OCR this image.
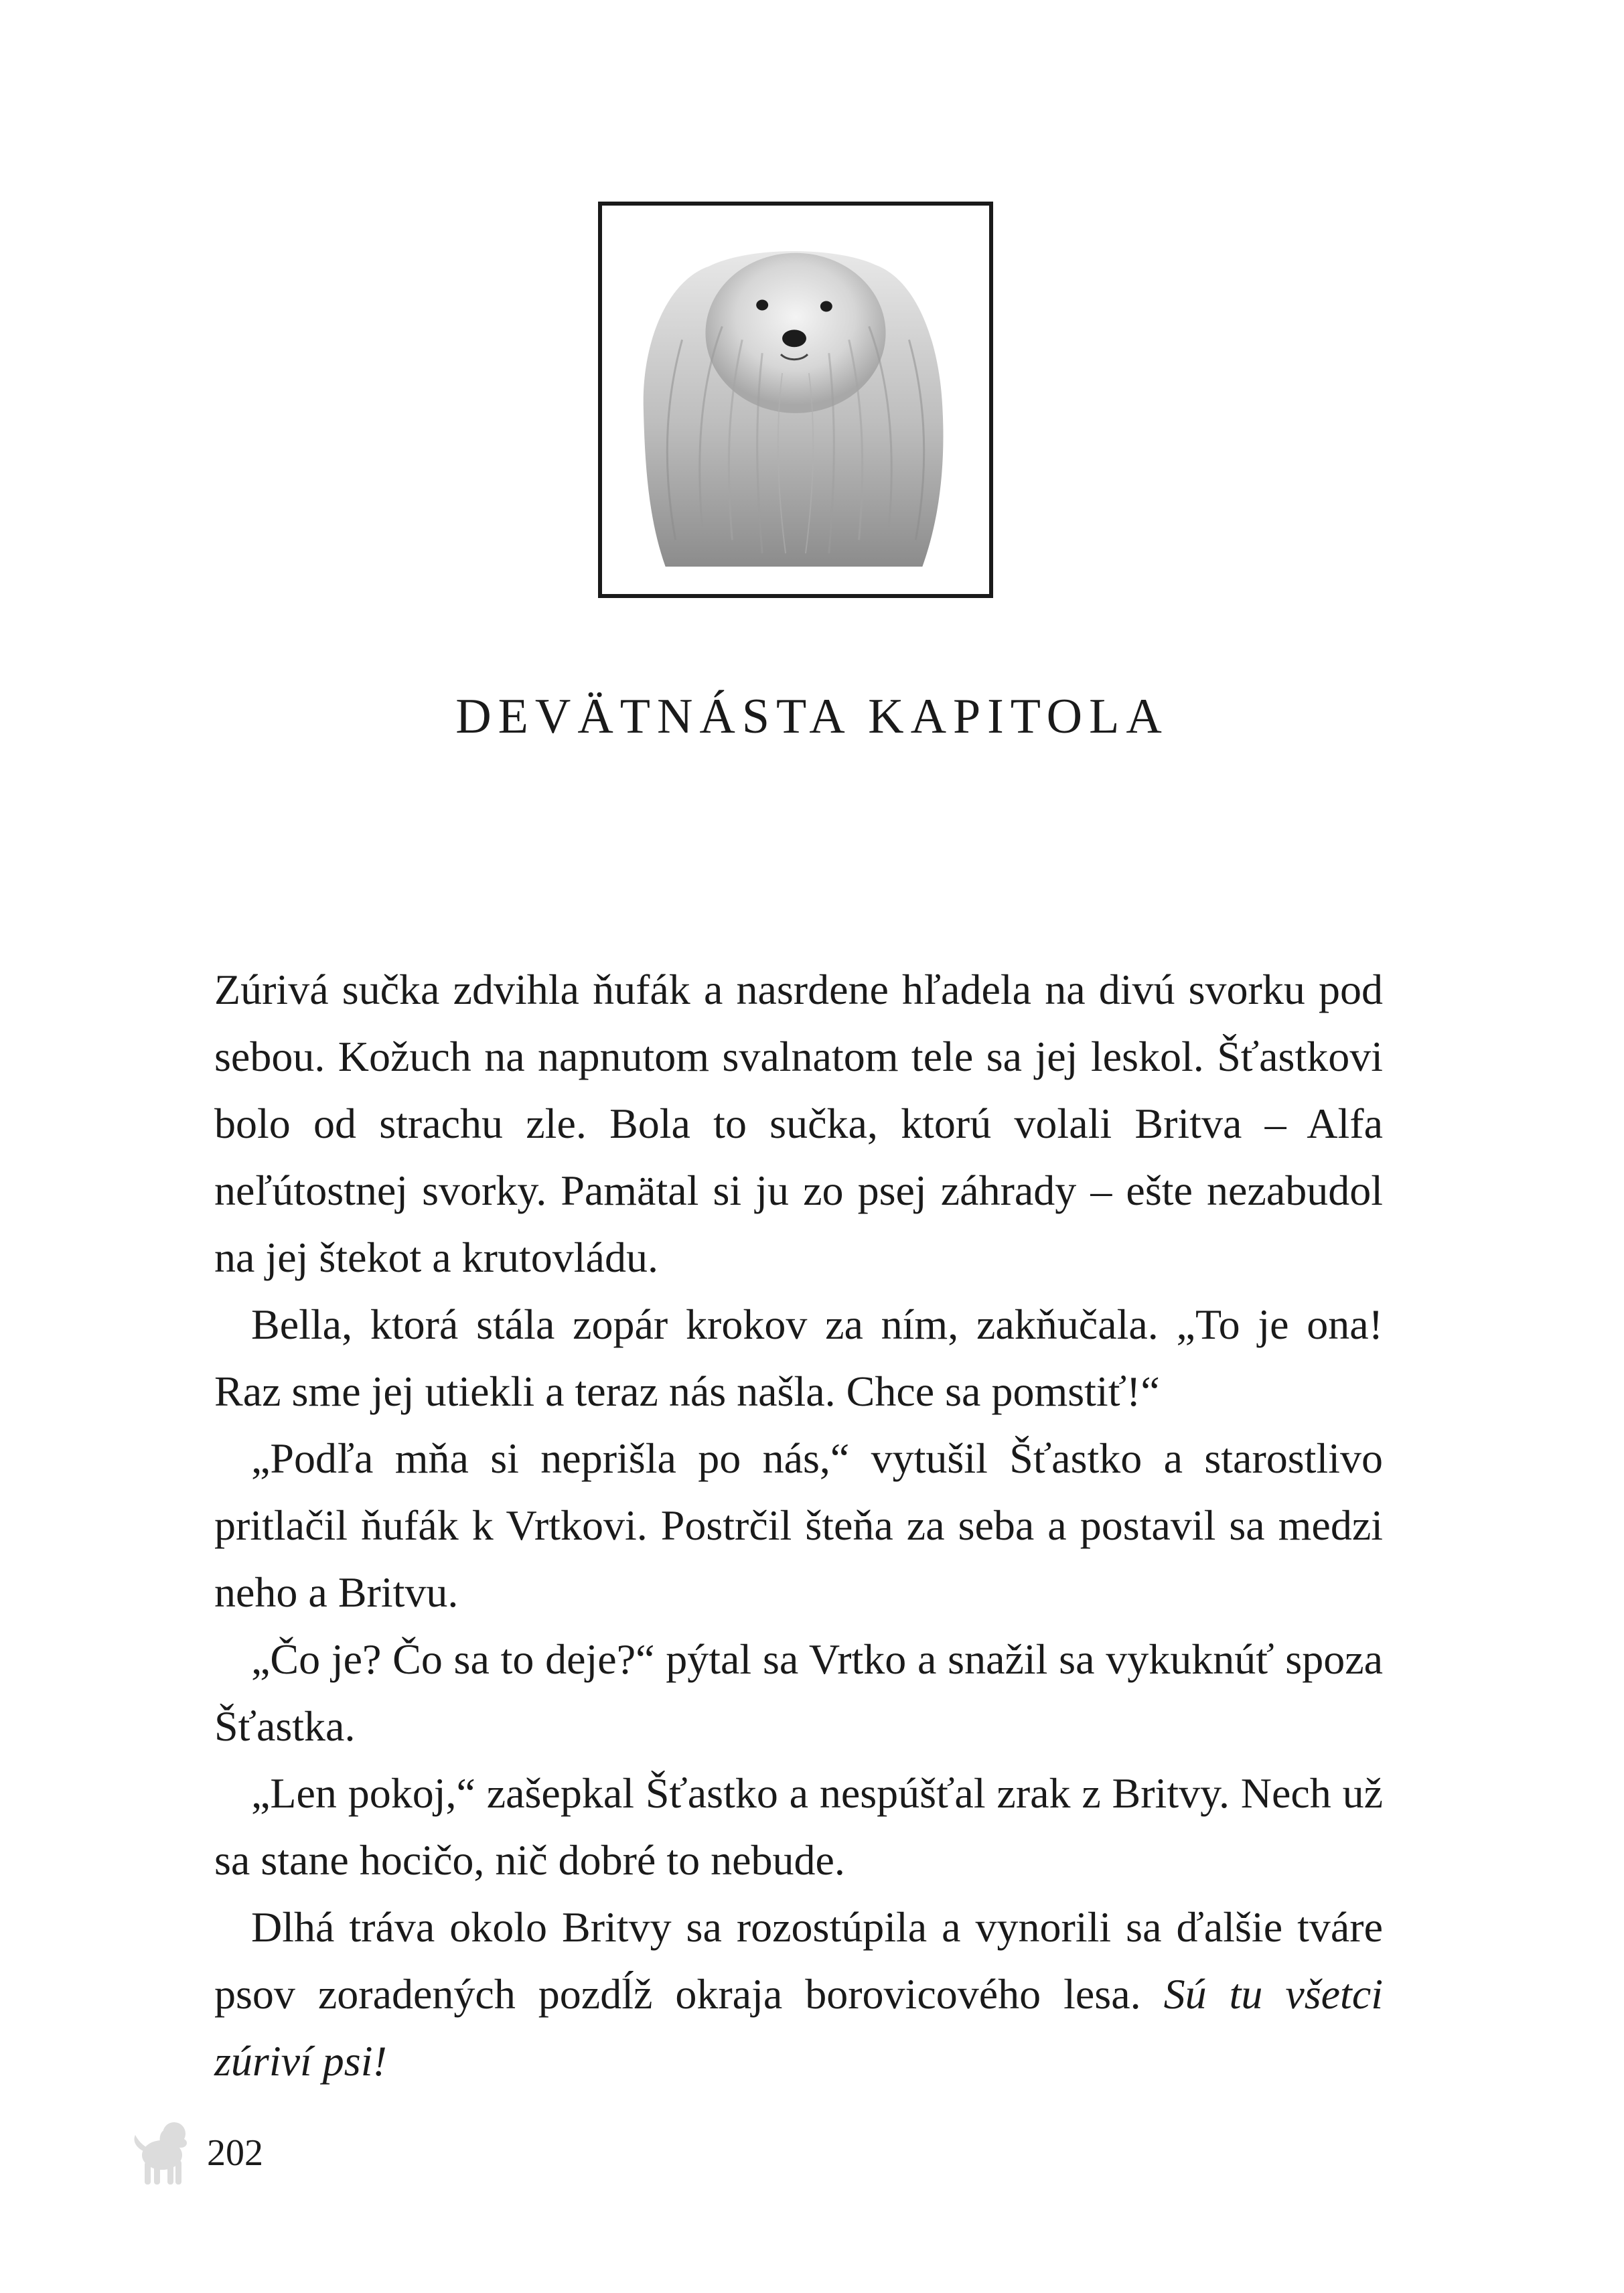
DEVÄTNÁSTA KAPITOLA

Zúrivá sučka zdvihla ňufák a nasrdene hľadela na divú svorku pod sebou. Kožuch na napnutom svalnatom tele sa jej leskol. Šťastkovi bolo od strachu zle. Bola to sučka, ktorú volali Britva – Alfa neľútostnej svorky. Pamätal si ju zo psej záhrady – ešte nezabudol na jej štekot a krutovládu.

Bella, ktorá stála zopár krokov za ním, zakňučala. „To je ona! Raz sme jej utiekli a teraz nás našla. Chce sa pomstiť!“

„Podľa mňa si neprišla po nás,“ vytušil Šťastko a starostlivo pritlačil ňufák k Vrtkovi. Postrčil šteňa za seba a postavil sa medzi neho a Britvu.

„Čo je? Čo sa to deje?“ pýtal sa Vrtko a snažil sa vykuknúť spoza Šťastka.

„Len pokoj,“ zašepkal Šťastko a nespúšťal zrak z Britvy. Nech už sa stane hocičo, nič dobré to nebude.

Dlhá tráva okolo Britvy sa rozostúpila a vynorili sa ďalšie tváre psov zoradených pozdĺž okraja borovicového lesa. Sú tu všetci zúriví psi!

202
